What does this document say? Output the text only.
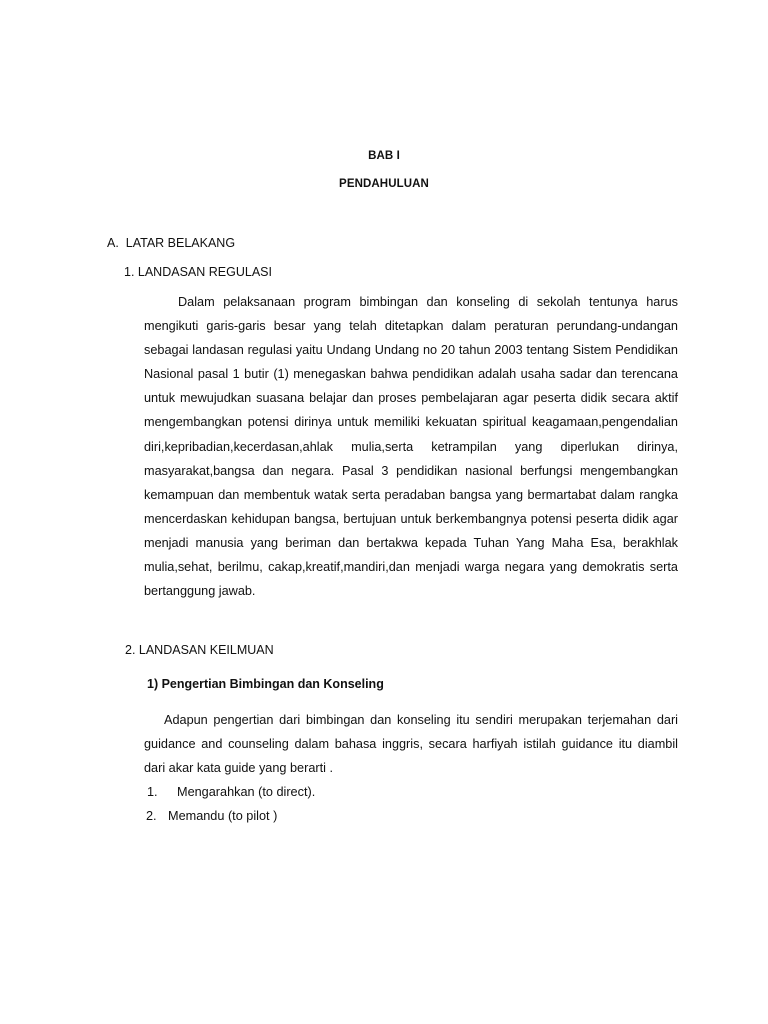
BAB I
PENDAHULUAN
A. LATAR BELAKANG
1. LANDASAN REGULASI

Dalam pelaksanaan program bimbingan dan konseling di sekolah tentunya harus mengikuti garis-garis besar yang telah ditetapkan dalam peraturan perundang-undangan sebagai landasan regulasi yaitu Undang Undang no 20 tahun 2003 tentang Sistem Pendidikan Nasional pasal 1 butir (1) menegaskan bahwa pendidikan adalah usaha sadar dan terencana untuk mewujudkan suasana belajar dan proses pembelajaran agar peserta didik secara aktif mengembangkan potensi dirinya untuk memiliki kekuatan spiritual keagamaan,pengendalian diri,kepribadian,kecerdasan,ahlak mulia,serta ketrampilan yang diperlukan dirinya, masyarakat,bangsa dan negara. Pasal 3 pendidikan nasional berfungsi mengembangkan kemampuan dan membentuk watak serta peradaban bangsa yang bermartabat dalam rangka mencerdaskan kehidupan bangsa, bertujuan untuk berkembangnya potensi peserta didik agar menjadi manusia yang beriman dan bertakwa kepada Tuhan Yang Maha Esa, berakhlak mulia,sehat, berilmu, cakap,kreatif,mandiri,dan menjadi warga negara yang demokratis serta bertanggung jawab.

2. LANDASAN KEILMUAN
1) Pengertian Bimbingan dan Konseling

Adapun pengertian dari bimbingan dan konseling itu sendiri merupakan terjemahan dari guidance and counseling dalam bahasa inggris, secara harfiyah istilah guidance itu diambil dari akar kata guide yang berarti .

1. Mengarahkan (to direct).
2. Memandu (to pilot )
